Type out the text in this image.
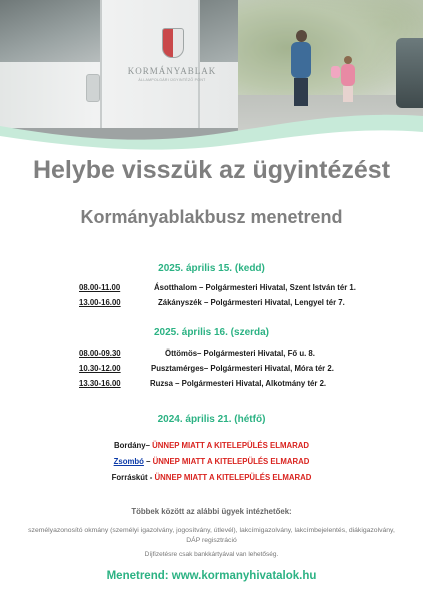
KORMÁNYABLAK
ÁLLAMPOLGÁRI ÜGYINTÉZŐ PONT
Helybe visszük az ügyintézést
Kormányablakbusz menetrend
2025. április 15. (kedd)
08.00-11.00	Ásotthalom – Polgármesteri Hivatal, Szent István tér 1.
13.00-16.00	Zákányszék – Polgármesteri Hivatal, Lengyel tér 7.
2025. április 16. (szerda)
08.00-09.30	Öttömös– Polgármesteri Hivatal, Fő u. 8.
10.30-12.00	Pusztamérges– Polgármesteri Hivatal, Móra tér 2.
13.30-16.00	Ruzsa – Polgármesteri Hivatal, Alkotmány tér 2.
2024. április 21. (hétfő)
Bordány– ÜNNEP MIATT A KITELEPÜLÉS ELMARAD
Zsombó – ÜNNEP MIATT A KITELEPÜLÉS ELMARAD
Forráskút - ÜNNEP MIATT A KITELEPÜLÉS ELMARAD
Többek között az alábbi ügyek intézhetőek:
személyazonosító okmány (személyi igazolvány, jogosítvány, útlevél), lakcímigazolvány, lakcímbejelentés, diákigazolvány, DÁP regisztráció
Díjfizetésre csak bankkártyával van lehetőség.
Menetrend: www.kormanyhivatalok.hu
